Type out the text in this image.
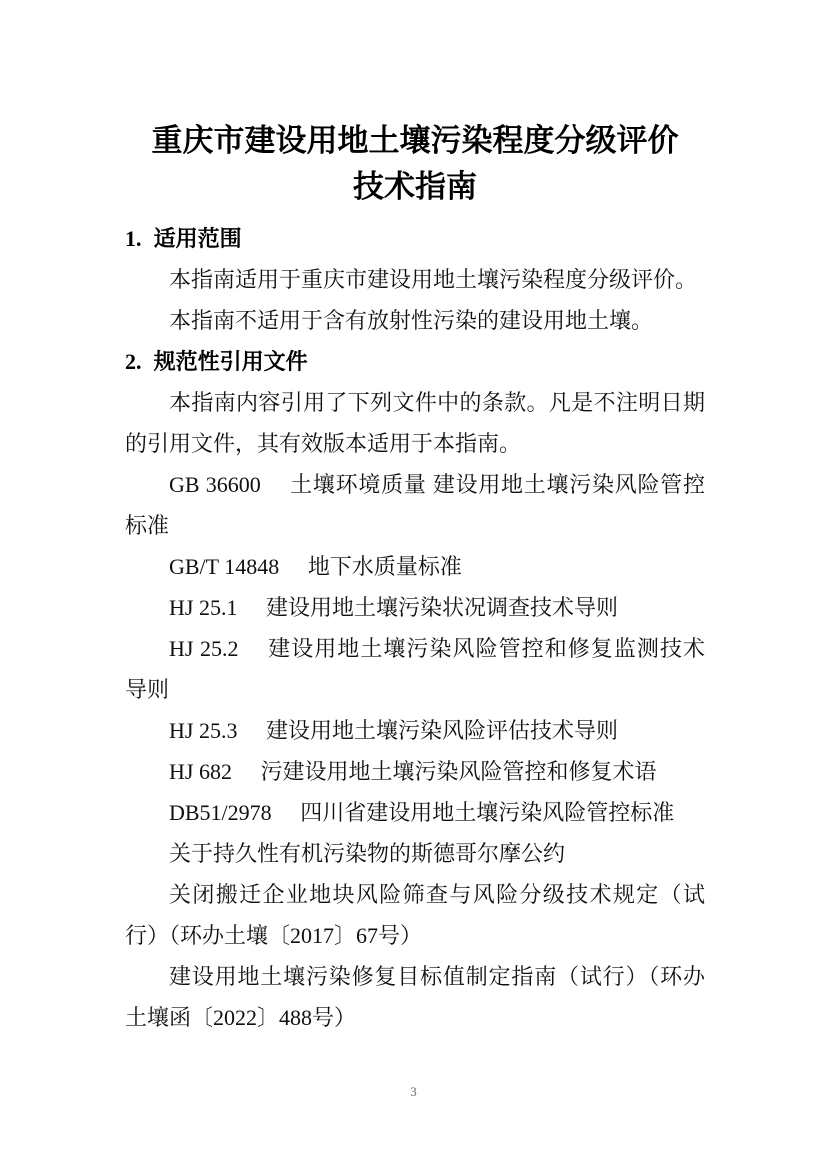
重庆市建设用地土壤污染程度分级评价
技术指南

1. 适用范围

本指南适用于重庆市建设用地土壤污染程度分级评价。

本指南不适用于含有放射性污染的建设用地土壤。

2. 规范性引用文件

本指南内容引用了下列文件中的条款。凡是不注明日期的引用文件，其有效版本适用于本指南。

GB 36600 土壤环境质量 建设用地土壤污染风险管控标准

GB/T 14848 地下水质量标准

HJ 25.1 建设用地土壤污染状况调查技术导则

HJ 25.2 建设用地土壤污染风险管控和修复监测技术导则

HJ 25.3 建设用地土壤污染风险评估技术导则

HJ 682 污建设用地土壤污染风险管控和修复术语

DB51/2978 四川省建设用地土壤污染风险管控标准

关于持久性有机污染物的斯德哥尔摩公约

关闭搬迁企业地块风险筛查与风险分级技术规定（试行）（环办土壤〔2017〕67号）

建设用地土壤污染修复目标值制定指南（试行）（环办土壤函〔2022〕488号）

3
